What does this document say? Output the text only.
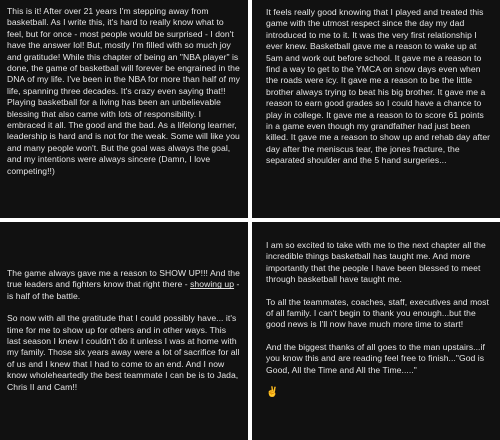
This is it! After over 21 years I'm stepping away from basketball. As I write this, it's hard to really know what to feel, but for once - most people would be surprised - I don't have the answer lol! But, mostly I'm filled with so much joy and gratitude! While this chapter of being an "NBA player" is done, the game of basketball will forever be engrained in the DNA of my life. I've been in the NBA for more than half of my life, spanning three decades. It's crazy even saying that!! Playing basketball for a living has been an unbelievable blessing that also came with lots of responsibility. I embraced it all. The good and the bad. As a lifelong learner, leadership is hard and is not for the weak. Some will like you and many people won't. But the goal was always the goal, and my intentions were always sincere (Damn, I love competing!!)

It feels really good knowing that I played and treated this game with the utmost respect since the day my dad introduced to me to it. It was the very first relationship I ever knew. Basketball gave me a reason to wake up at 5am and work out before school. It gave me a reason to find a way to get to the YMCA on snow days even when the roads were icy. It gave me a reason to be the little brother always trying to beat his big brother. It gave me a reason to earn good grades so I could have a chance to play in college. It gave me a reason to to score 61 points in a game even though my grandfather had just been killed. It gave me a reason to show up and rehab day after day after the meniscus tear, the jones fracture, the separated shoulder and the 5 hand surgeries...

The game always gave me a reason to SHOW UP!!! And the true leaders and fighters know that right there - showing up - is half of the battle.

So now with all the gratitude that I could possibly have... it's time for me to show up for others and in other ways. This last season I knew I couldn't do it unless I was at home with my family. Those six years away were a lot of sacrifice for all of us and I knew that I had to come to an end. And I now know wholeheartedly the best teammate I can be is to Jada, Chris II and Cam!!

I am so excited to take with me to the next chapter all the incredible things basketball has taught me. And more importantly that the people I have been blessed to meet through basketball have taught me.

To all the teammates, coaches, staff, executives and most of all family. I can't begin to thank you enough...but the good news is I'll now have much more time to start!

And the biggest thanks of all goes to the man upstairs...if you know this and are reading feel free to finish..."God is Good, All the Time and All the Time....."

✌
